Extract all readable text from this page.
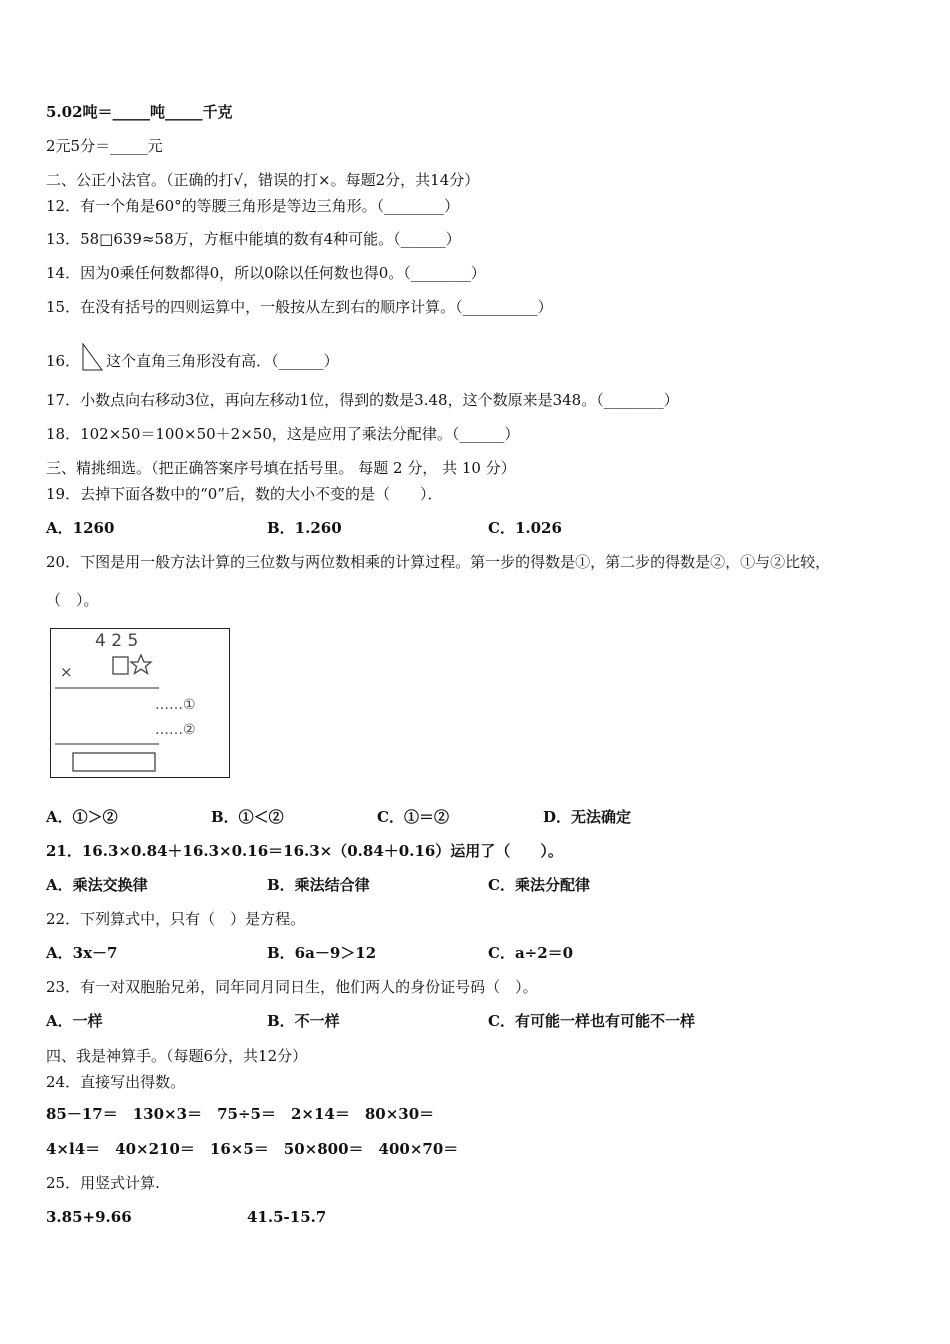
5.02吨＝_____吨_____千克
2元5分＝_____元
二、公正小法官。（正确的打√，错误的打×。每题2分，共14分）
12．有一个角是60°的等腰三角形是等边三角形。（________）
13．58□639≈58万，方框中能填的数有4种可能。（______）
14．因为0乘任何数都得0，所以0除以任何数也得0。（________）
15．在没有括号的四则运算中，一般按从左到右的顺序计算。（__________）
16． 这个直角三角形没有高．（______）
17．小数点向右移动3位，再向左移动1位，得到的数是3.48，这个数原来是348。（________）
18．102×50＝100×50＋2×50，这是应用了乘法分配律。（______）
三、精挑细选。（把正确答案序号填在括号里。 每题 2 分， 共 10 分）
19．去掉下面各数中的“0”后，数的大小不变的是（　　）．
A．1260	B．1.260	C．1.026
20．下图是用一般方法计算的三位数与两位数相乘的计算过程。第一步的得数是①，第二步的得数是②，①与②比较，
（　）。
4 2 5
×
……①
……②
A．①＞②	B．①＜②	C．①＝②	D．无法确定
21．16.3×0.84＋16.3×0.16＝16.3×（0.84＋0.16）运用了（　　）。
A．乘法交换律	B．乘法结合律	C．乘法分配律
22．下列算式中，只有（　）是方程。
A．3x－7	B．6a－9＞12	C．a÷2＝0
23．有一对双胞胎兄弟，同年同月同日生，他们两人的身份证号码（　）。
A．一样	B．不一样	C．有可能一样也有可能不一样
四、我是神算手。（每题6分，共12分）
24．直接写出得数。
85－17＝　130×3＝　75÷5＝　2×14＝　80×30＝
4×l4＝　40×210＝　16×5＝　50×800＝　400×70＝
25．用竖式计算.
3.85+9.66	41.5-15.7
